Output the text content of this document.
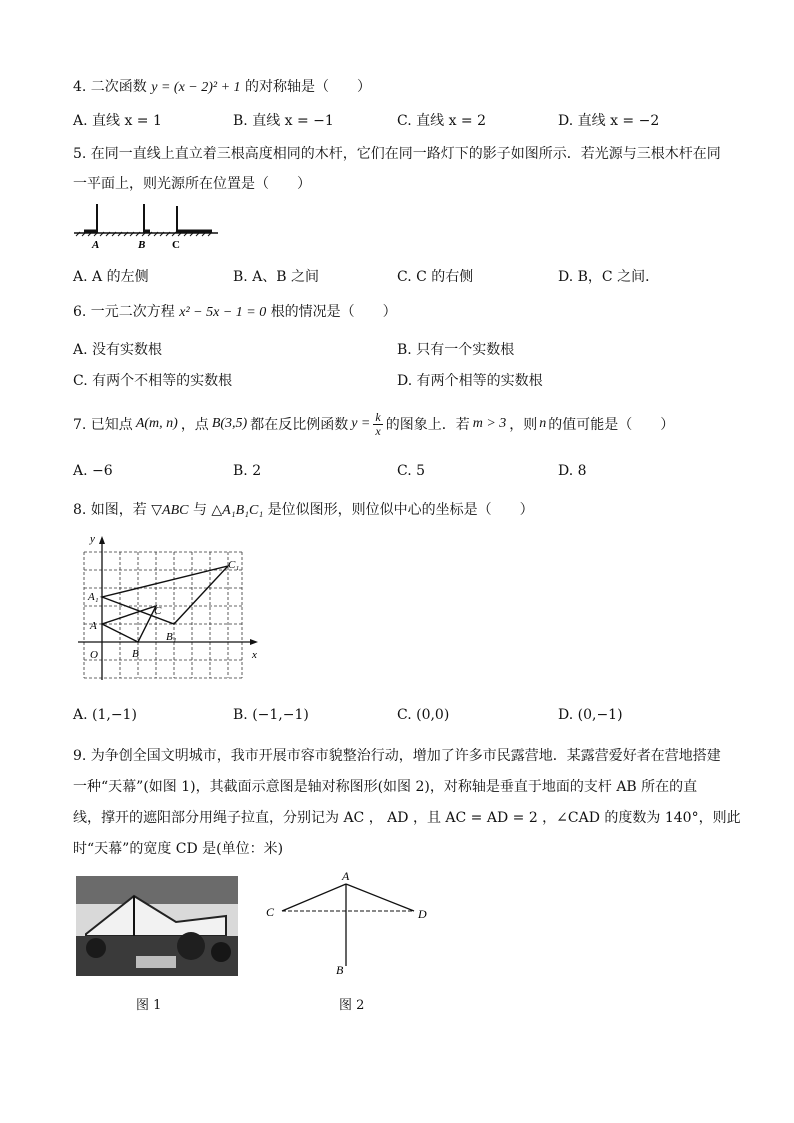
4. 二次函数 y = (x − 2)² + 1 的对称轴是（　　）
A. 直线 x = 1	B. 直线 x = −1	C. 直线 x = 2	D. 直线 x = −2
5. 在同一直线上直立着三根高度相同的木杆，它们在同一路灯下的影子如图所示．若光源与三根木杆在同
一平面上，则光源所在位置是（　　）
A	B C
A. A 的左侧	B. A、B 之间	C. C 的右侧	D. B，C 之间．
6. 一元二次方程 x² − 5x − 1 = 0 根的情况是（　　）
A. 没有实数根	B. 只有一个实数根
C. 有两个不相等的实数根	D. 有两个相等的实数根
7. 已知点 A(m, n) ，点 B(3,5) 都在反比例函数 $y = \frac{k}{x}$ 的图象上．若 m > 3 ，则 n 的值可能是（　　）
A. −6	B. 2	C. 5	D. 8
8. 如图，若 ▽ABC 与 △A₁B₁C₁ 是位似图形，则位似中心的坐标是（　　）
y
x
O
A
A₁
B
B₁
C
C₁
A. (1,−1)	B. (−1,−1)	C. (0,0)	D. (0,−1)
9. 为争创全国文明城市，我市开展市容市貌整治行动，增加了许多市民露营地．某露营爱好者在营地搭建
一种“天幕”(如图 1)，其截面示意图是轴对称图形(如图 2)，对称轴是垂直于地面的支杆 AB 所在的直
线，撑开的遮阳部分用绳子拉直，分别记为 AC ， AD ，且 AC = AD = 2 ，∠CAD 的度数为 140°，则此
时“天幕”的宽度 CD 是(单位：米)
图 1
A
C	D
B
图 2
